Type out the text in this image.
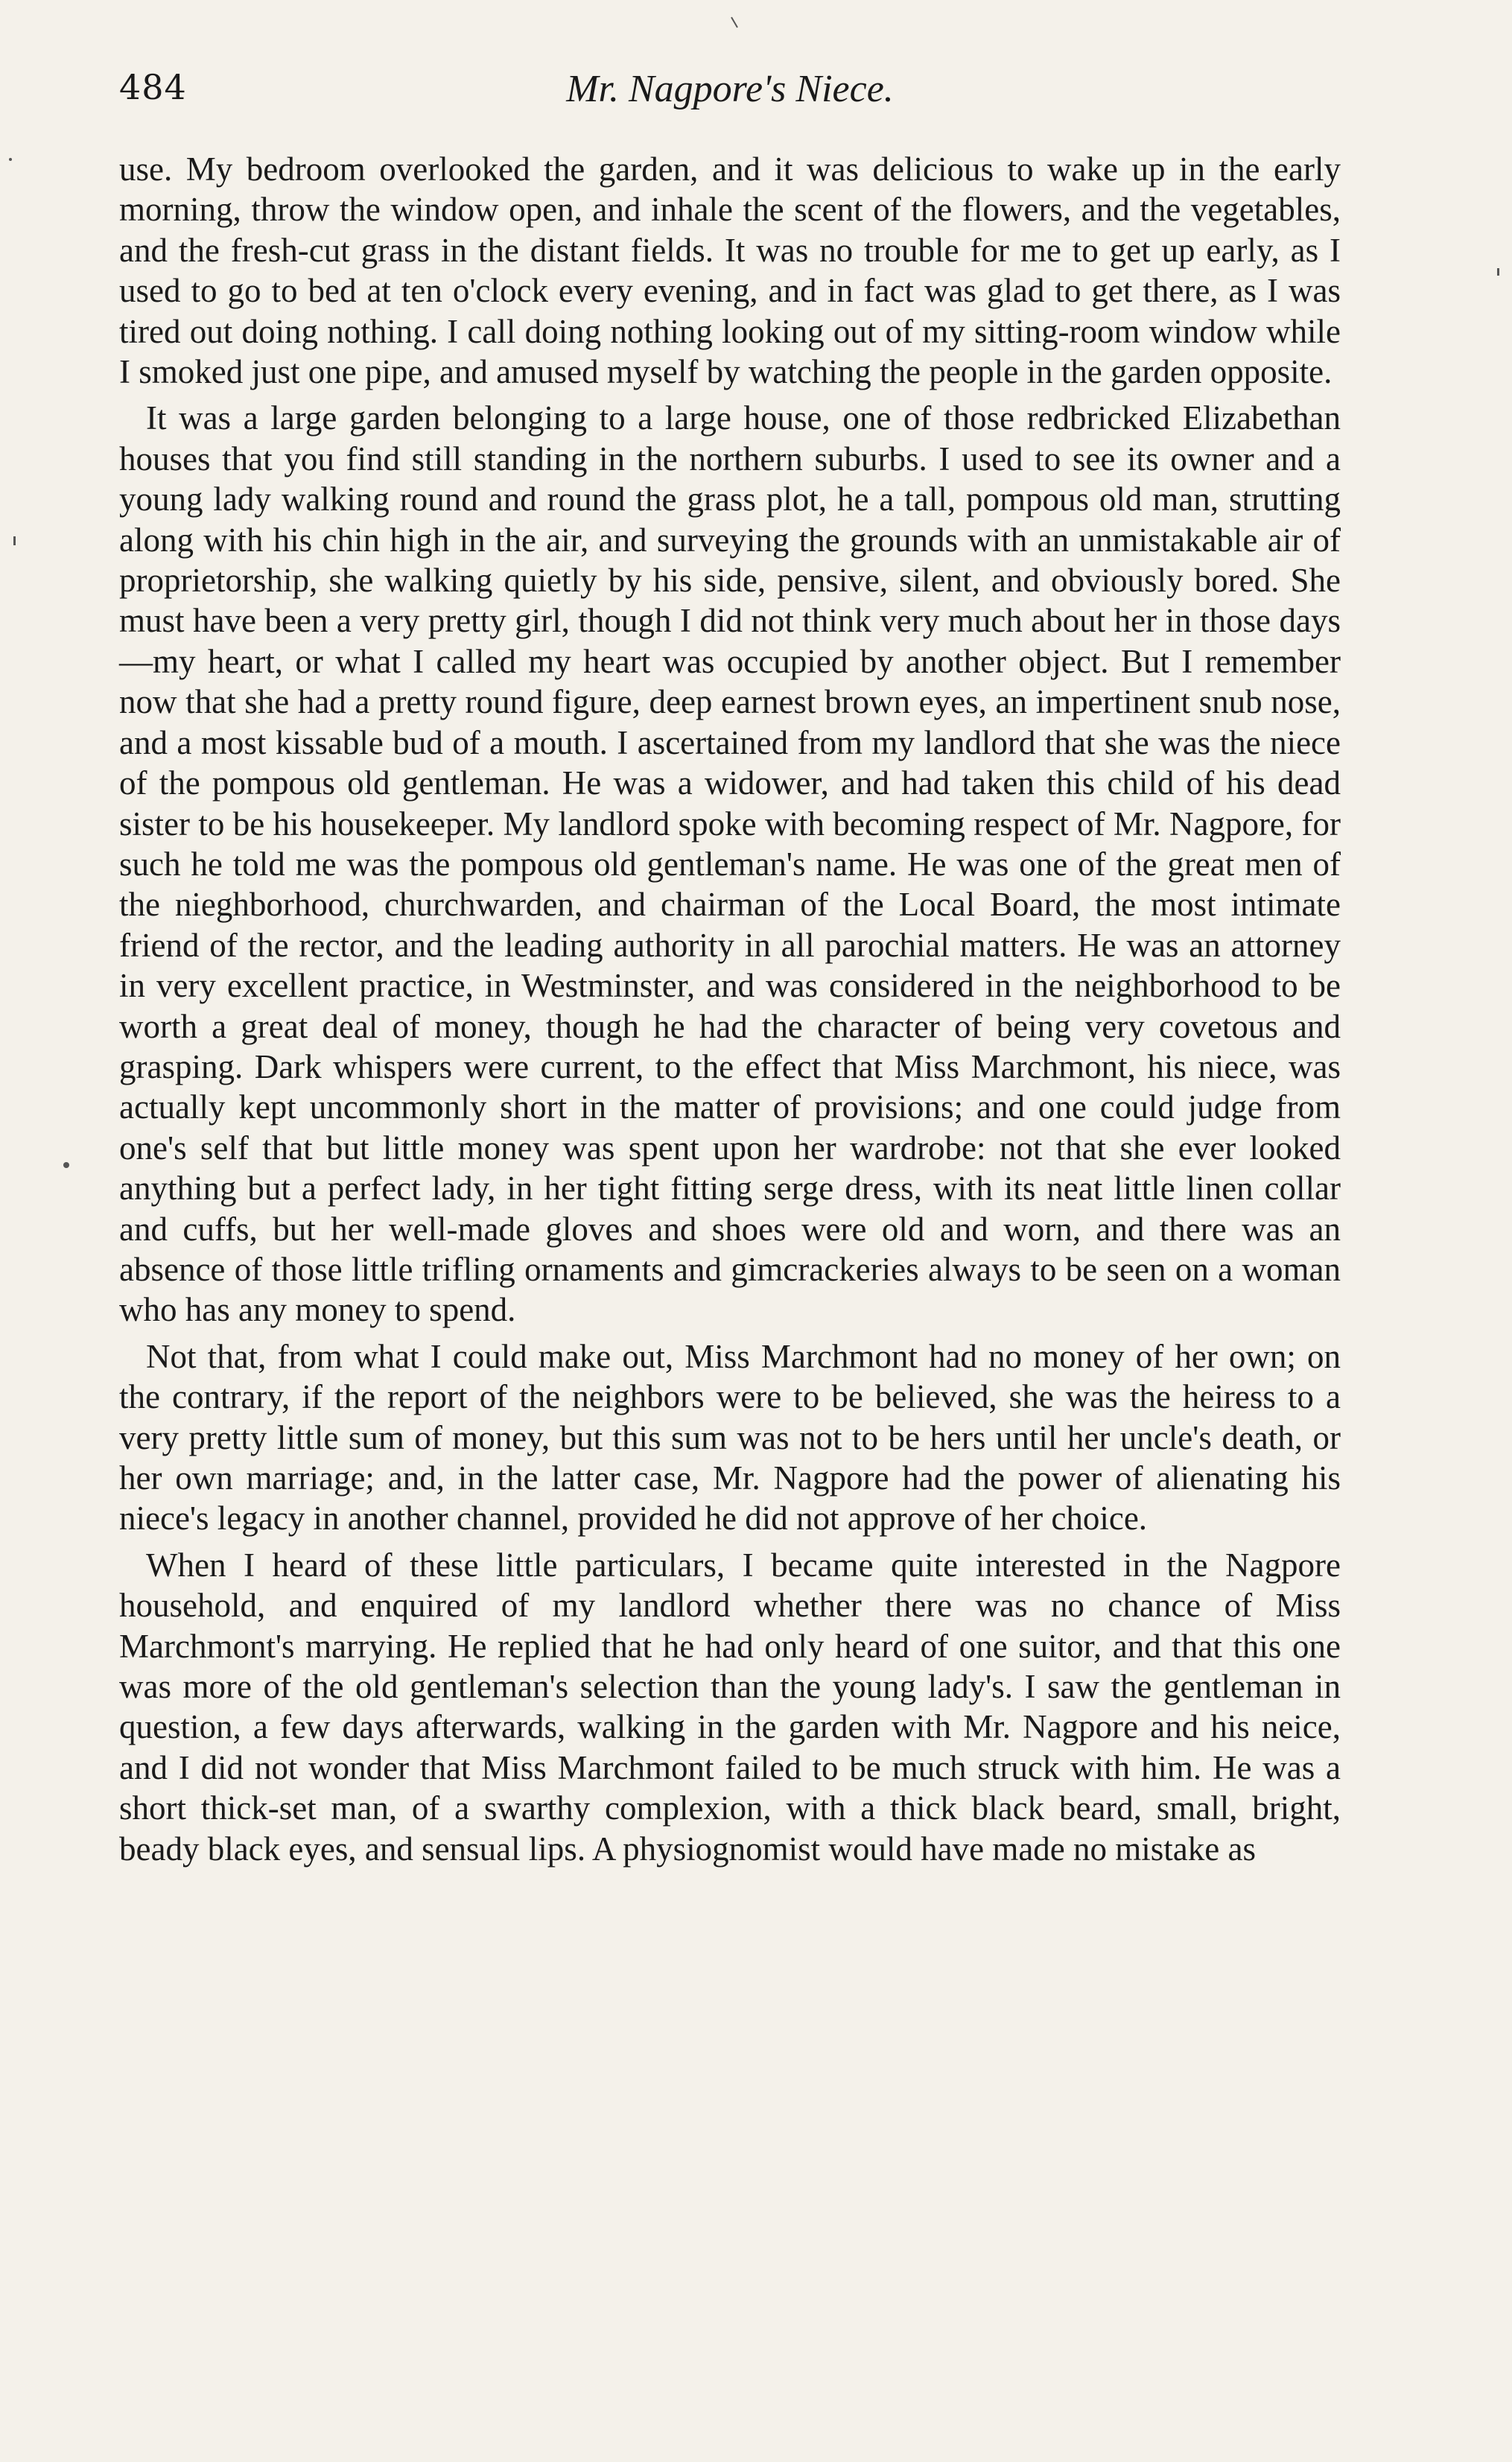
484	Mr. Nagpore's Niece.

use. My bedroom overlooked the garden, and it was delicious to wake up in the early morning, throw the window open, and inhale the scent of the flowers, and the vegetables, and the fresh-cut grass in the distant fields. It was no trouble for me to get up early, as I used to go to bed at ten o'clock every evening, and in fact was glad to get there, as I was tired out doing nothing. I call doing nothing looking out of my sitting-room window while I smoked just one pipe, and amused myself by watching the people in the garden opposite.

It was a large garden belonging to a large house, one of those redbricked Elizabethan houses that you find still standing in the northern suburbs. I used to see its owner and a young lady walking round and round the grass plot, he a tall, pompous old man, strutting along with his chin high in the air, and surveying the grounds with an unmistakable air of proprietorship, she walking quietly by his side, pensive, silent, and obviously bored. She must have been a very pretty girl, though I did not think very much about her in those days—my heart, or what I called my heart was occupied by another object. But I remember now that she had a pretty round figure, deep earnest brown eyes, an impertinent snub nose, and a most kissable bud of a mouth. I ascertained from my landlord that she was the niece of the pompous old gentleman. He was a widower, and had taken this child of his dead sister to be his housekeeper. My landlord spoke with becoming respect of Mr. Nagpore, for such he told me was the pompous old gentleman's name. He was one of the great men of the nieghborhood, churchwarden, and chairman of the Local Board, the most intimate friend of the rector, and the leading authority in all parochial matters. He was an attorney in very excellent practice, in Westminster, and was considered in the neighborhood to be worth a great deal of money, though he had the character of being very covetous and grasping. Dark whispers were current, to the effect that Miss Marchmont, his niece, was actually kept uncommonly short in the matter of provisions; and one could judge from one's self that but little money was spent upon her wardrobe: not that she ever looked anything but a perfect lady, in her tight fitting serge dress, with its neat little linen collar and cuffs, but her well-made gloves and shoes were old and worn, and there was an absence of those little trifling ornaments and gimcrackeries always to be seen on a woman who has any money to spend.

Not that, from what I could make out, Miss Marchmont had no money of her own; on the contrary, if the report of the neighbors were to be believed, she was the heiress to a very pretty little sum of money, but this sum was not to be hers until her uncle's death, or her own marriage; and, in the latter case, Mr. Nagpore had the power of alienating his niece's legacy in another channel, provided he did not approve of her choice.

When I heard of these little particulars, I became quite interested in the Nagpore household, and enquired of my landlord whether there was no chance of Miss Marchmont's marrying. He replied that he had only heard of one suitor, and that this one was more of the old gentleman's selection than the young lady's. I saw the gentleman in question, a few days afterwards, walking in the garden with Mr. Nagpore and his neice, and I did not wonder that Miss Marchmont failed to be much struck with him. He was a short thick-set man, of a swarthy complexion, with a thick black beard, small, bright, beady black eyes, and sensual lips. A physiognomist would have made no mistake as
